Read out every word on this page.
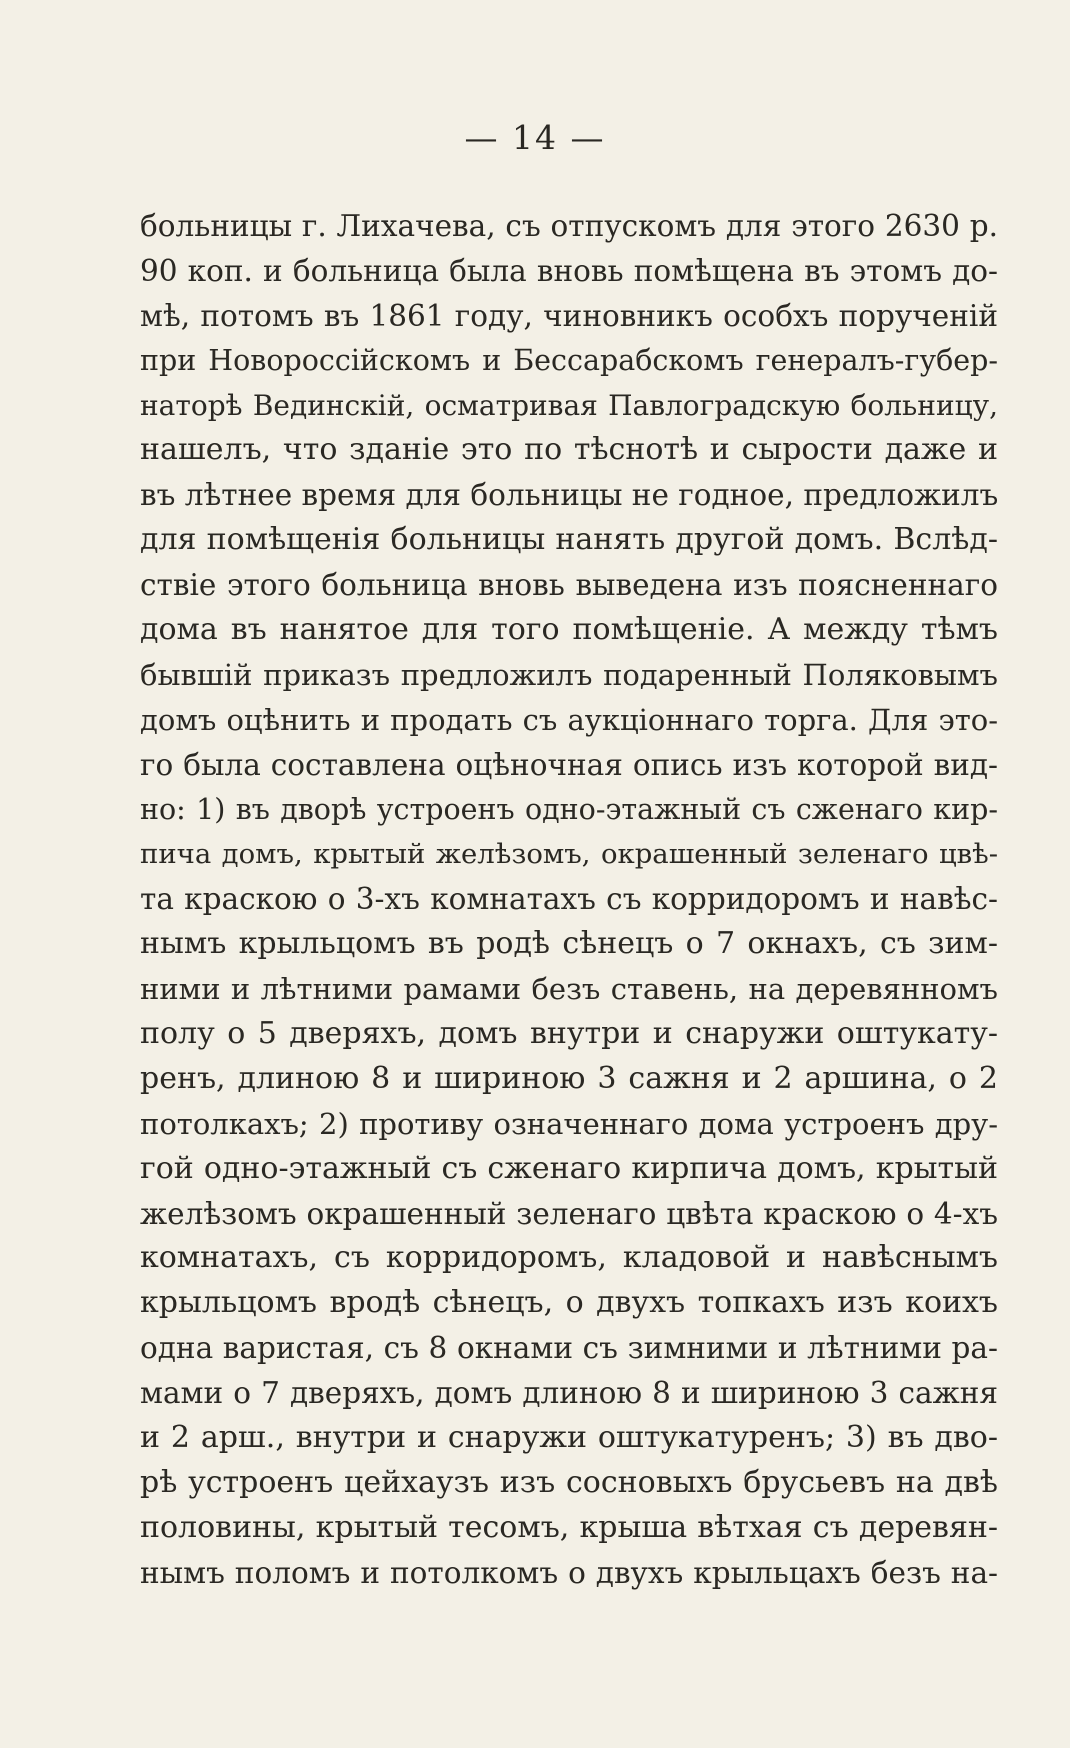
— 14 —
больницы г. Лихачева, съ отпускомъ для этого 2630 р.
90 коп. и больница была вновь помѣщена въ этомъ до-
мѣ, потомъ въ 1861 году, чиновникъ особхъ порученій
при Новороссійскомъ и Бессарабскомъ генералъ-губер-
наторѣ Вединскій, осматривая Павлоградскую больницу,
нашелъ, что зданіе это по тѣснотѣ и сырости даже и
въ лѣтнее время для больницы не годное, предложилъ
для помѣщенія больницы нанять другой домъ. Вслѣд-
ствіе этого больница вновь выведена изъ поясненнаго
дома въ нанятое для того помѣщеніе. А между тѣмъ
бывшій приказъ предложилъ подаренный Поляковымъ
домъ оцѣнить и продать съ аукціоннаго торга. Для это-
го была составлена оцѣночная опись изъ которой вид-
но: 1) въ дворѣ устроенъ одно-этажный съ сженаго кир-
пича домъ, крытый желѣзомъ, окрашенный зеленаго цвѣ-
та краскою о 3-хъ комнатахъ съ корридоромъ и навѣс-
нымъ крыльцомъ въ родѣ сѣнецъ о 7 окнахъ, съ зим-
ними и лѣтними рамами безъ ставень, на деревянномъ
полу о 5 дверяхъ, домъ внутри и снаружи оштукату-
ренъ, длиною 8 и шириною 3 сажня и 2 аршина, о 2
потолкахъ; 2) противу означеннаго дома устроенъ дру-
гой одно-этажный съ сженаго кирпича домъ, крытый
желѣзомъ окрашенный зеленаго цвѣта краскою о 4-хъ
комнатахъ, съ корридоромъ, кладовой и навѣснымъ
крыльцомъ вродѣ сѣнецъ, о двухъ топкахъ изъ коихъ
одна варистая, съ 8 окнами съ зимними и лѣтними ра-
мами о 7 дверяхъ, домъ длиною 8 и шириною 3 сажня
и 2 арш., внутри и снаружи оштукатуренъ; 3) въ дво-
рѣ устроенъ цейхаузъ изъ сосновыхъ брусьевъ на двѣ
половины, крытый тесомъ, крыша вѣтхая съ деревян-
нымъ поломъ и потолкомъ о двухъ крыльцахъ безъ на-
